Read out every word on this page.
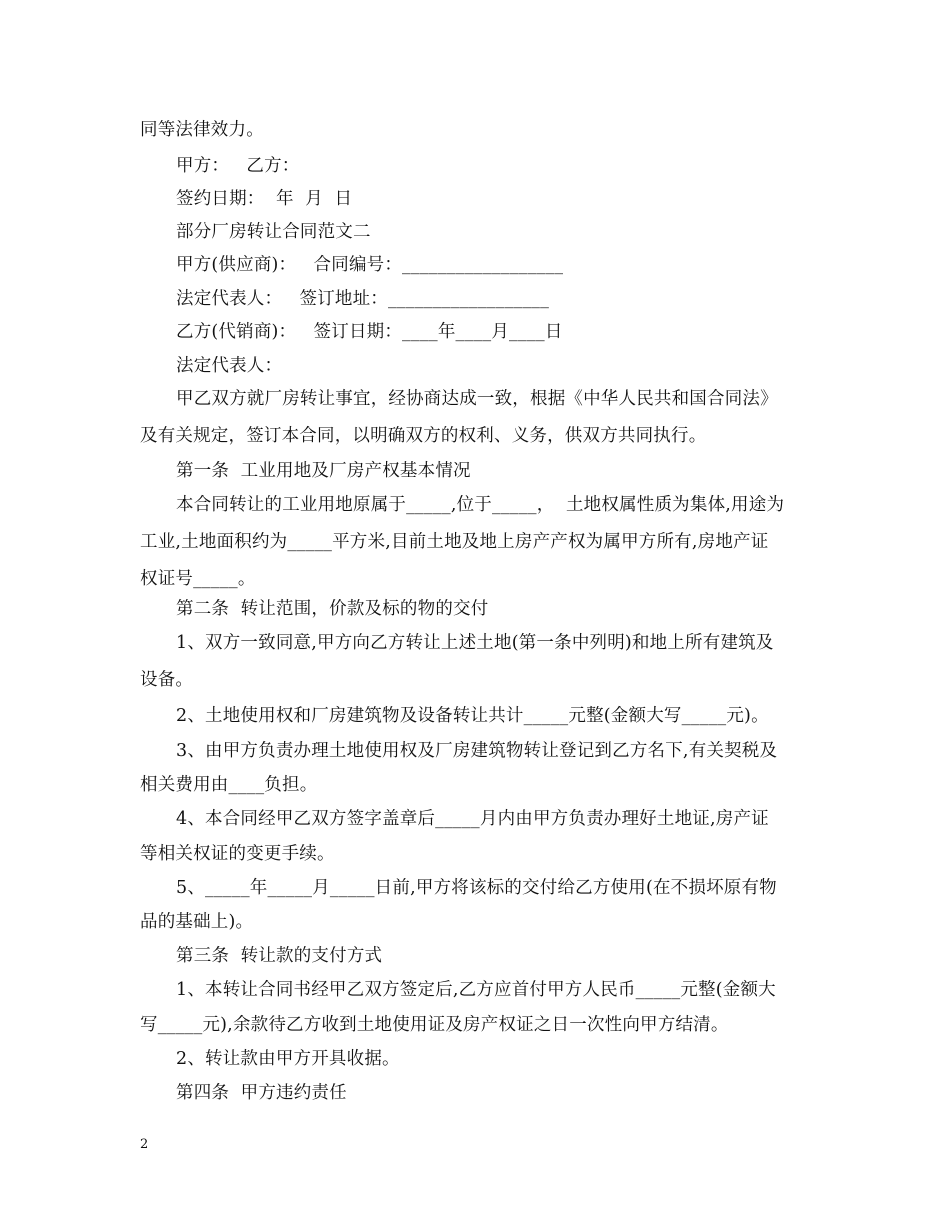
同等法律效力。
甲方：   乙方：
签约日期：  年  月  日
部分厂房转让合同范文二
甲方(供应商)：   合同编号：__________________
法定代表人：   签订地址：__________________
乙方(代销商)：   签订日期：____年____月____日
法定代表人：
甲乙双方就厂房转让事宜，经协商达成一致，根据《中华人民共和国合同法》
及有关规定，签订本合同，以明确双方的权利、义务，供双方共同执行。
第一条  工业用地及厂房产权基本情况
本合同转让的工业用地原属于_____,位于_____，  土地权属性质为集体,用途为
工业,土地面积约为_____平方米,目前土地及地上房产产权为属甲方所有,房地产证
权证号_____。
第二条  转让范围，价款及标的物的交付
1、双方一致同意,甲方向乙方转让上述土地(第一条中列明)和地上所有建筑及
设备。
2、土地使用权和厂房建筑物及设备转让共计_____元整(金额大写_____元)。
3、由甲方负责办理土地使用权及厂房建筑物转让登记到乙方名下,有关契税及
相关费用由____负担。
4、本合同经甲乙双方签字盖章后_____月内由甲方负责办理好土地证,房产证
等相关权证的变更手续。
5、_____年_____月_____日前,甲方将该标的交付给乙方使用(在不损坏原有物
品的基础上)。
第三条  转让款的支付方式
1、本转让合同书经甲乙双方签定后,乙方应首付甲方人民币_____元整(金额大
写_____元),余款待乙方收到土地使用证及房产权证之日一次性向甲方结清。
2、转让款由甲方开具收据。
第四条  甲方违约责任
2
